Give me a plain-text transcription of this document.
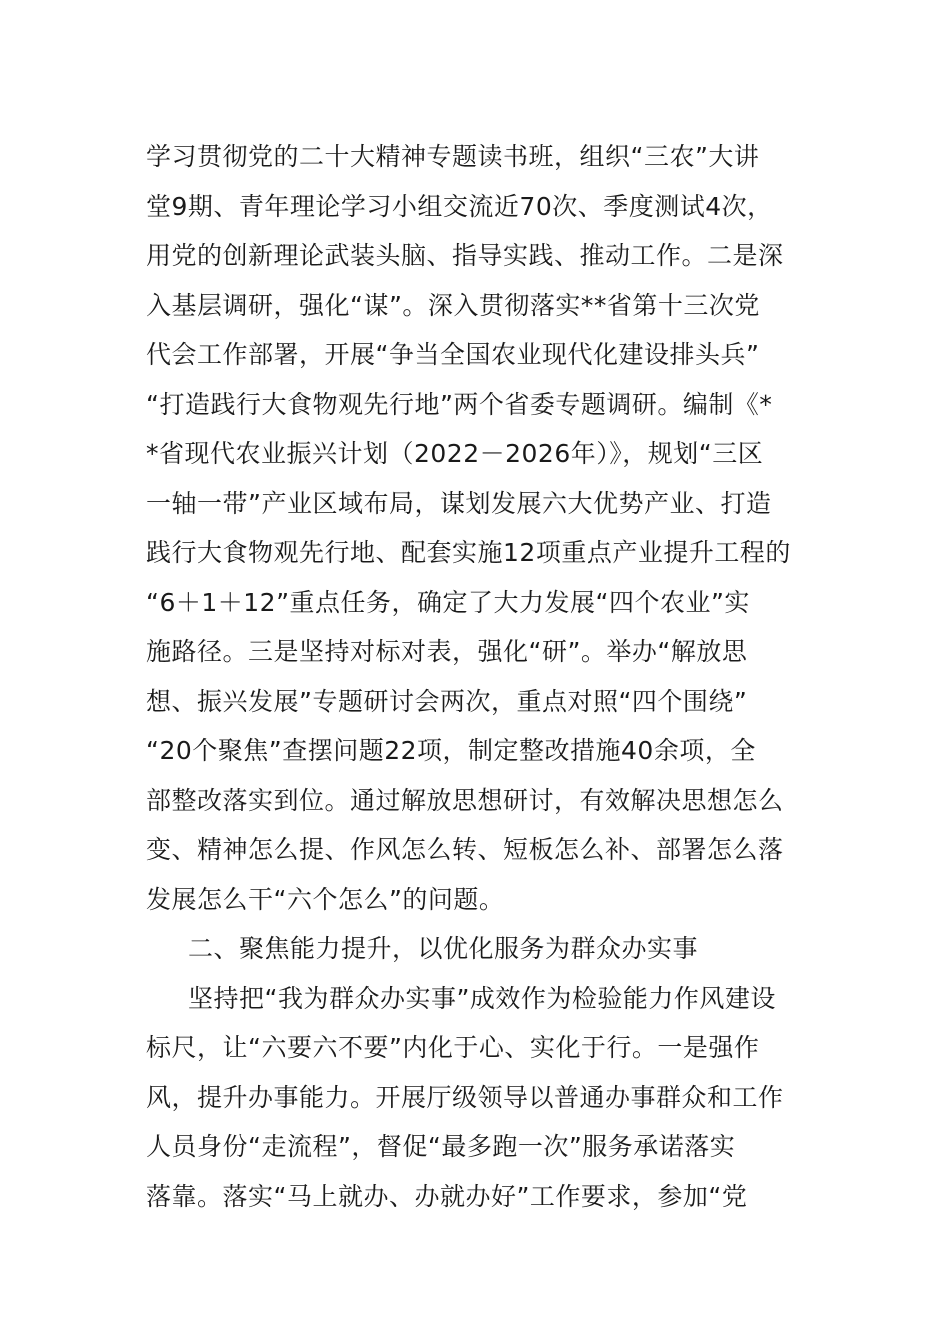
学习贯彻党的二十大精神专题读书班，组织“三农”大讲
堂9期、青年理论学习小组交流近70次、季度测试4次，
用党的创新理论武装头脑、指导实践、推动工作。二是深
入基层调研，强化“谋”。深入贯彻落实**省第十三次党
代会工作部署，开展“争当全国农业现代化建设排头兵”
“打造践行大食物观先行地”两个省委专题调研。编制《*
*省现代农业振兴计划（2022－2026年）》，规划“三区
一轴一带”产业区域布局，谋划发展六大优势产业、打造
践行大食物观先行地、配套实施12项重点产业提升工程的
“6＋1＋12”重点任务，确定了大力发展“四个农业”实
施路径。三是坚持对标对表，强化“研”。举办“解放思
想、振兴发展”专题研讨会两次，重点对照“四个围绕”
“20个聚焦”查摆问题22项，制定整改措施40余项，全
部整改落实到位。通过解放思想研讨，有效解决思想怎么
变、精神怎么提、作风怎么转、短板怎么补、部署怎么落
发展怎么干“六个怎么”的问题。
二、聚焦能力提升，以优化服务为群众办实事
坚持把“我为群众办实事”成效作为检验能力作风建设
标尺，让“六要六不要”内化于心、实化于行。一是强作
风，提升办事能力。开展厅级领导以普通办事群众和工作
人员身份“走流程”，督促“最多跑一次”服务承诺落实
落靠。落实“马上就办、办就办好”工作要求，参加“党
